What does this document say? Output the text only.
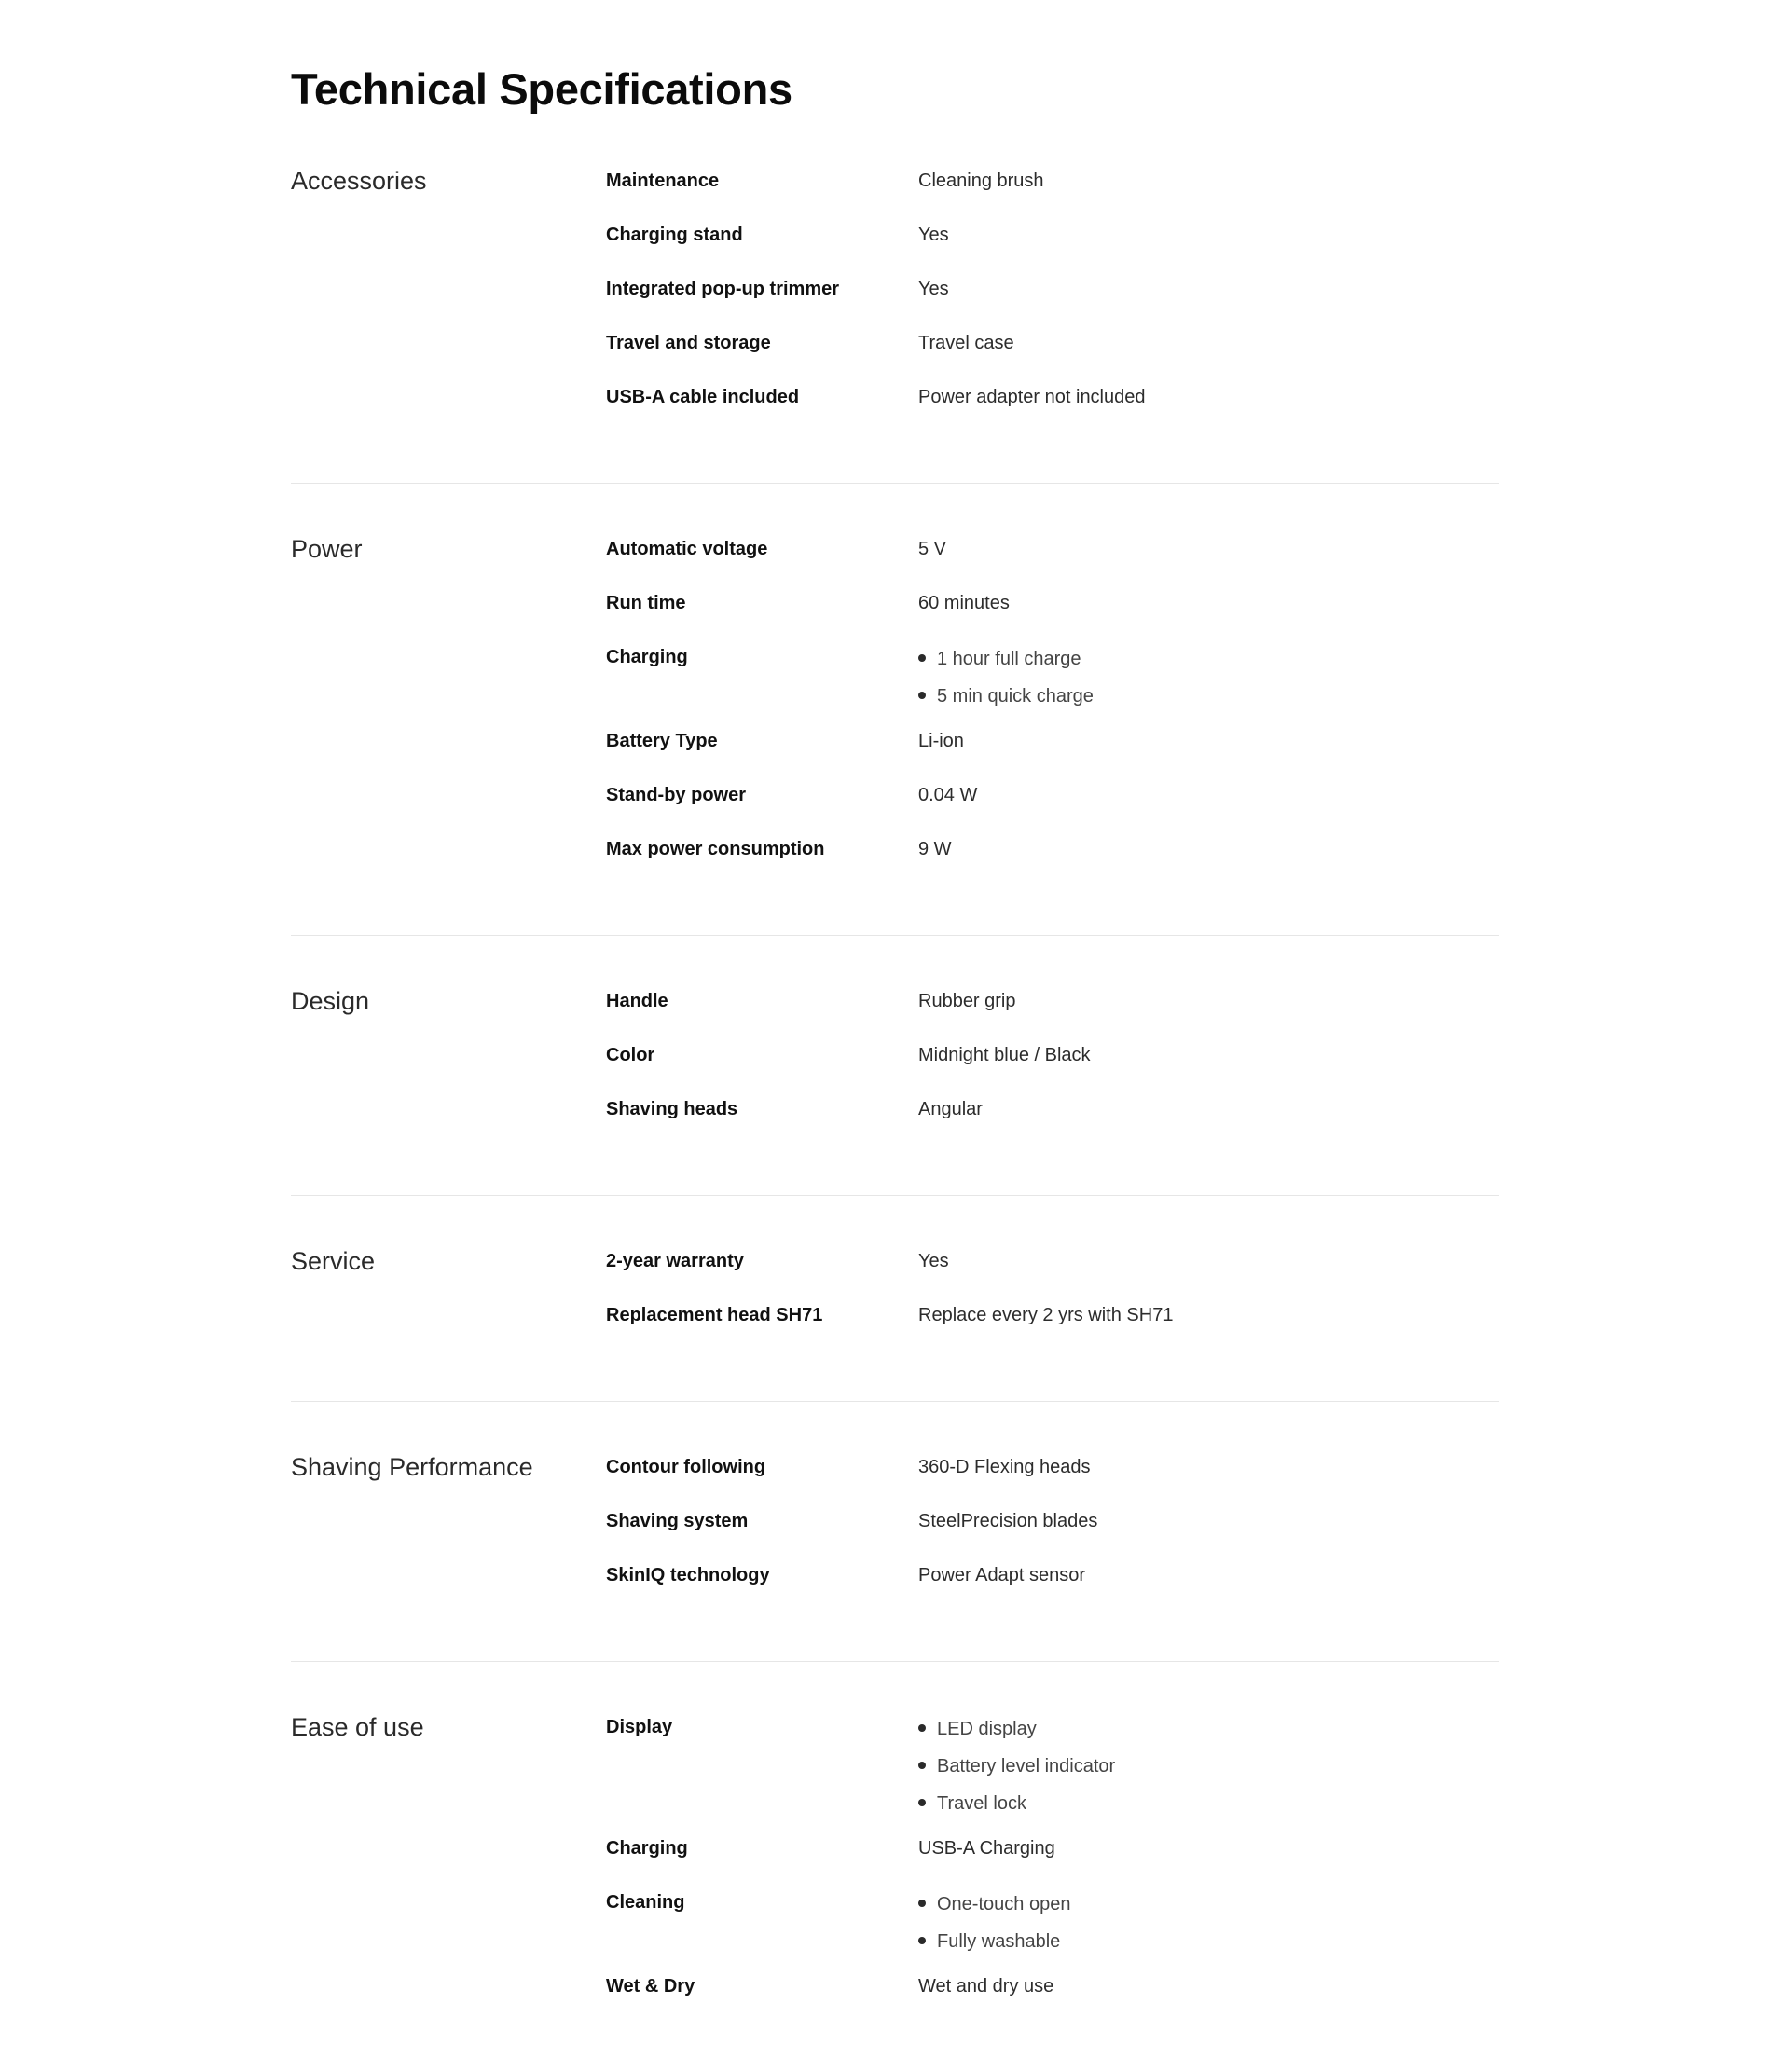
Technical Specifications
Accessories	Maintenance	Cleaning brush
Charging stand	Yes
Integrated pop-up trimmer	Yes
Travel and storage	Travel case
USB-A cable included	Power adapter not included
Power	Automatic voltage	5 V
Run time	60 minutes
Charging	1 hour full charge
5 min quick charge
Battery Type	Li-ion
Stand-by power	0.04 W
Max power consumption	9 W
Design	Handle	Rubber grip
Color	Midnight blue / Black
Shaving heads	Angular
Service	2-year warranty	Yes
Replacement head SH71	Replace every 2 yrs with SH71
Shaving Performance	Contour following	360-D Flexing heads
Shaving system	SteelPrecision blades
SkinIQ technology	Power Adapt sensor
Ease of use	Display	LED display
Battery level indicator
Travel lock
Charging	USB-A Charging
Cleaning	One-touch open
Fully washable
Wet & Dry	Wet and dry use
